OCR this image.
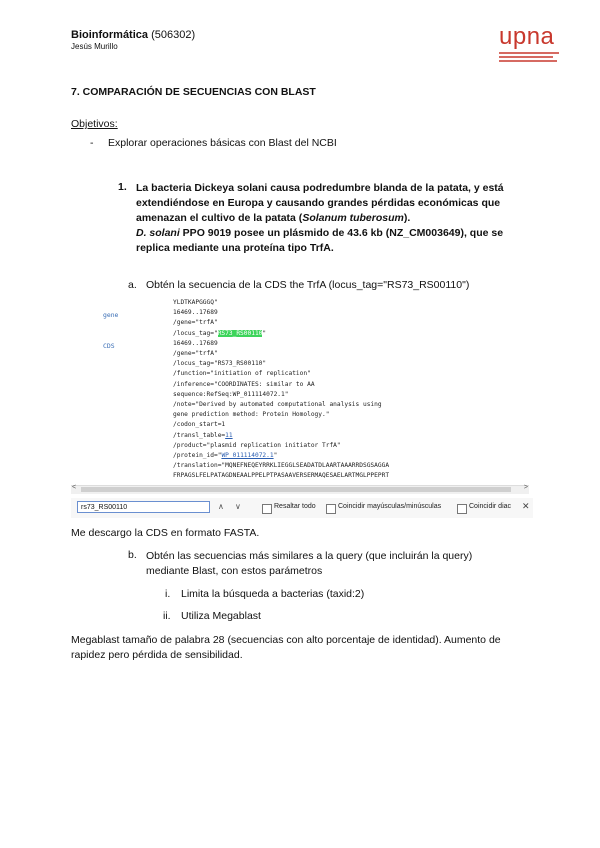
Bioinformática (506302)
Jesús Murillo	upna
7. COMPARACIÓN DE SECUENCIAS CON BLAST
Objetivos:
- Explorar operaciones básicas con Blast del NCBI
1. La bacteria Dickeya solani causa podredumbre blanda de la patata, y está extendiéndose en Europa y causando grandes pérdidas económicas que amenazan el cultivo de la patata (Solanum tuberosum).
D. solani PPO 9019 posee un plásmido de 43.6 kb (NZ_CM003649), que se replica mediante una proteína tipo TrfA.
a. Obtén la secuencia de la CDS the TrfA (locus_tag="RS73_RS00110")
gene
CDS
YLDTKAPGGGQ"
16469..17689
/gene="trfA"
/locus_tag="RS73_RS00110"
16469..17689
/gene="trfA"
/locus_tag="RS73_RS00110"
/function="initiation of replication"
/inference="COORDINATES: similar to AA
sequence:RefSeq:WP_011114072.1"
/note="Derived by automated computational analysis using
gene prediction method: Protein Homology."
/codon_start=1
/transl_table=11
/product="plasmid replication initiator TrfA"
/protein_id="WP_011114072.1"
/translation="MQNEFNEQEYRRKLIEGGLSEADATDLAARTAAARRDSGSAGGA
FRPAGSLFELPATAGDNEAALPPELPTPASAAVERSERMAQESAELARTMGLPPEPRT
<	>
rs73_RS00110	∧ ∨	Resaltar todo	Coincidir mayúsculas/minúsculas	Coincidir diac ✕
Me descargo la CDS en formato FASTA.
b. Obtén las secuencias más similares a la query (que incluirán la query) mediante Blast, con estos parámetros
i. Limita la búsqueda a bacterias (taxid:2)
ii. Utiliza Megablast
Megablast tamaño de palabra 28 (secuencias con alto porcentaje de identidad). Aumento de rapidez pero pérdida de sensibilidad.
